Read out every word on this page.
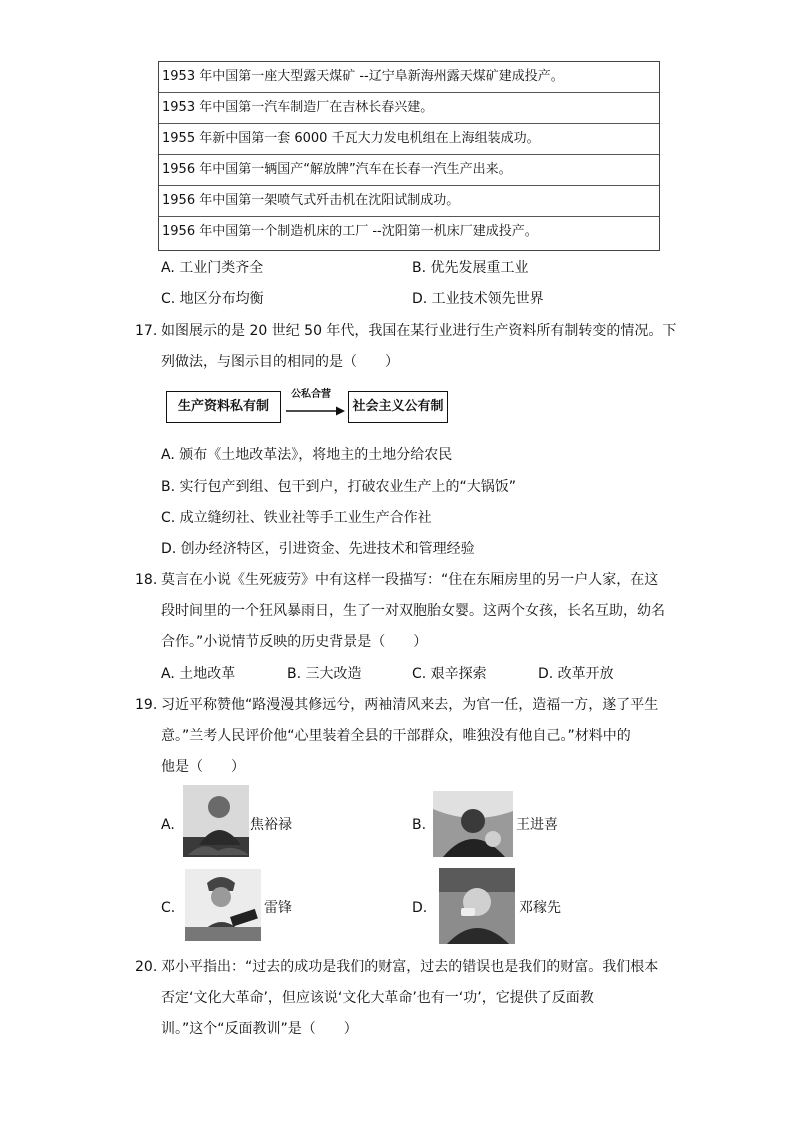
1953 年中国第一座大型露天煤矿 --辽宁阜新海州露天煤矿建成投产。
1953 年中国第一汽车制造厂在吉林长春兴建。
1955 年新中国第一套 6000 千瓦大力发电机组在上海组装成功。
1956 年中国第一辆国产“解放牌”汽车在长春一汽生产出来。
1956 年中国第一架喷气式歼击机在沈阳试制成功。
1956 年中国第一个制造机床的工厂 --沈阳第一机床厂建成投产。
A. 工业门类齐全	B. 优先发展重工业
C. 地区分布均衡	D. 工业技术领先世界
17. 如图展示的是 20 世纪 50 年代，我国在某行业进行生产资料所有制转变的情况。下
列做法，与图示目的相同的是（　　）
生产资料私有制
公私合营
社会主义公有制
A. 颁布《土地改革法》，将地主的土地分给农民
B. 实行包产到组、包干到户，打破农业生产上的“大锅饭”
C. 成立缝纫社、铁业社等手工业生产合作社
D. 创办经济特区，引进资金、先进技术和管理经验
18. 莫言在小说《生死疲劳》中有这样一段描写：“住在东厢房里的另一户人家，在这
段时间里的一个狂风暴雨日，生了一对双胞胎女婴。这两个女孩，长名互助，幼名
合作。”小说情节反映的历史背景是（　　）
A. 土地改革	B. 三大改造	C. 艰辛探索	D. 改革开放
19. 习近平称赞他“路漫漫其修远兮，两袖清风来去，为官一任，造福一方，遂了平生
意。”兰考人民评价他“心里装着全县的干部群众，唯独没有他自己。”材料中的
他是（　　）
A.	焦裕禄	B.	王进喜
C.	雷锋	D.	邓稼先
20. 邓小平指出：“过去的成功是我们的财富，过去的错误也是我们的财富。我们根本
否定‘文化大革命’，但应该说‘文化大革命’也有一‘功’，它提供了反面教
训。”这个“反面教训”是（　　）
